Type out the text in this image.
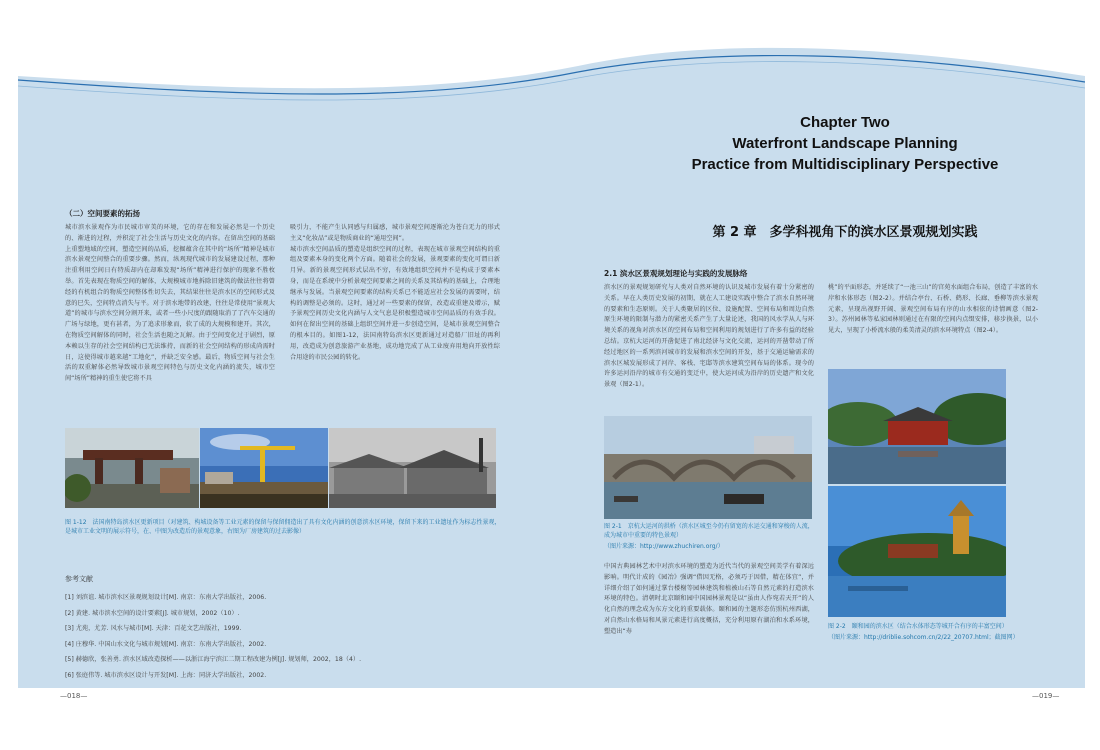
（二）空间要素的拓扬
城市滨水景观作为市民城市审美的环境，它的存在和发展必然是一个历史的、渐进的过程，并积淀了社会生活与历史文化的内容。在留出空间的基础上重塑地域的空间，塑造空间的品质，挖掘蕴含在其中的“场所”精神是城市滨水景观空间整合的重要步骤。然而，纵观现代城市的发展建设过程，那种注重利用空间日有特质却内在却难发现“场所”精神进行保护的现象不胜枚举。首先表现在物质空间的解体，大规模城市地拆除旧建筑的做法往往将曾经的有机组合的物质空间整体性切失去，其结果往往是滨水区的空间形式及意的巳失，空间特点消失与平。对于滨水地带的改建，往往是常使用“景观大道”的城市与滨水空间分割开来，或者一些小尺度的跟随取消了了汽车交通的广场与绿地，更有甚者，为了追求形象而，软了成的大规模和建开。其次，在物质空间解体的同时，社会生活也随之瓦解。由于空间变化过于剧烈，原本赖以生存的社会空间结构已无法维持，而新的社会空间结构的形成尚需时日，这使得城市越来越“工地化”，并缺乏安全感。最后，物质空间与社会生活的双重解体必然导致城市景观空间特色与历史文化内涵的流失，城市空间“场所”精神的重生使它将不具
吸引力，不能产生认同感与归属感，城市景观空间逐渐沦为苍白无力的形式主义“化妆品”或是物质商业的“通用空间”。
城市滨水空间品质的塑造是组织空间的过程，表现在城市景观空间结构的重组及要素本身的变化两个方面。随着社会的发展，景观要素的变化可谓日新月异。新的景观空间形式层出不穷，有效地组织空间并不是构成于要素本身，而是在系统中分析景观空间要素之间的关系及其结构的基础上，合理地继承与发展。当景观空间要素的结构关系已不能适应社会发展的需要时，结构的调整是必须的。这时，通过对一些要素的保留，改造或重建及增示，赋予景观空间历史文化内涵与人文气息是积极塑造城市空间品质的有效手段。如何在留出空间的基础上组织空间并进一步创造空间，是城市景观空间整合的根本目的。如图1-12，法国南特岛滨水区更新通过对造船厂旧址的再利用，改造成为创意旅游产业基地，成功地完成了从工业废弃用地向开放性综合用途的市民公园的转化。
图 1-12　法国南特岛滨水区更新项目（对建筑、构城设备等工业元素的保留与保留佣造出了具有文化内涵的创意滨水区环境，保留下来的工业遗址作为标志性景观，是城市工业文明的展示符号，在、中图为改造后的景观意象，右图为厂房建筑的过去影像）
参考文献
[1] 刘滨谊. 城市滨水区景观规划设计[M]. 南京：东南大学出版社，2006.
[2] 黄建. 城市滨水空间的设计要素[J]. 城市规划，2002（10）.
[3] 尤苑，尤芳. 风水与城市[M]. 天津：百花文艺出版社，1999.
[4] 庄穆华. 中国山水文化与城市规划[M]. 南京：东南大学出版社，2002.
[5] 赫德欣，张善勇. 滨水区域改造探析——以浙江海宁滨江二期工程改建为例[J]. 规划师，2002，18（4）.
[6] 张庭伟等. 城市滨水区设计与开发[M]. 上海：同济大学出版社，2002.
—018—
Chapter Two
Waterfront Landscape Planning
Practice from Multidisciplinary Perspective
第 2 章　多学科视角下的滨水区景观规划实践
2.1 滨水区景观规划理论与实践的发展脉络
滨水区的景观规划研究与人类对自然环境的认识及城市发展有着十分紧密的关系。早在人类历史发展的初期，就在人工建设实践中整合了滨水自然环境的要素和生态原则。关于人类聚居的区位、设施配置、空间布局和周边自然原生环境的限制与潜力的紧密关系产生了大量论述，我国的风水学从人与环境关系的视角对滨水区的空间布局和空间利用的规划进行了许多有益的经验总结。京杭大运河的开凿促进了南北经济与文化交流，运河的开凿带动了所经过地区的一系列滨河城市的发展和滨水空间的开发，基于交通运输需求的滨水区城发展形成了河岸、客栈、宅邸等滨水建筑空间布局的体系。现今的许多运河沿岸的城市有交通的变迁中，使大运河成为沿岸的历史遗产和文化景观（图2-1）。
桃”的平面形态，并延续了“一池三山”的宫苑水面组合布局，创造了丰富的水岸和水体形态（图2-2）。并结合亭台、石桥、鹤形、长廊、垂柳等滨水景观元素，呈现出视野开阔、景观空间布局有序的山水相依的诗情画意（图2-3）。苏州园林等私家园林则通过在有限的空间内点缀安排，移步换景，以小见大，呈现了小桥流水般的柔美清灵的滨水环境特点（图2-4）。
图 2-1　京杭大运河的拱桥（滨水区城至今仍有留宽的水运交通和穿梭的人流，成为城市中重要的特色景观）
（图片来源：http://www.zhuchiren.org/）
中国古典园林艺术中对滨水环境的塑造为近代当代的景观空间美学有着深远影响。明代计成的《园冶》强调“借因无格，必须巧于因借，精在体宜”，并详细介绍了如何通过掌台楼榭等园林建筑和植被山石等自然元素的打造滨水环境的特色。清朝时北京颐和园中国园林景观是以“虽由人作宛若天开”的人化自然的理念成为东方文化的重要载体。颐和园的主题形态仿照杭州西湖，对自然山水格局和风景元素进行高度概括，充分利用原有湖泊和水系环境，塑造出“寿
图 2-2　颐和园的滨水区（结合水体形态等城开合有序的丰富空间）
（图片来源：http://driblie.sohcom.cn/2/22_20707.html；截图网）
—019—
